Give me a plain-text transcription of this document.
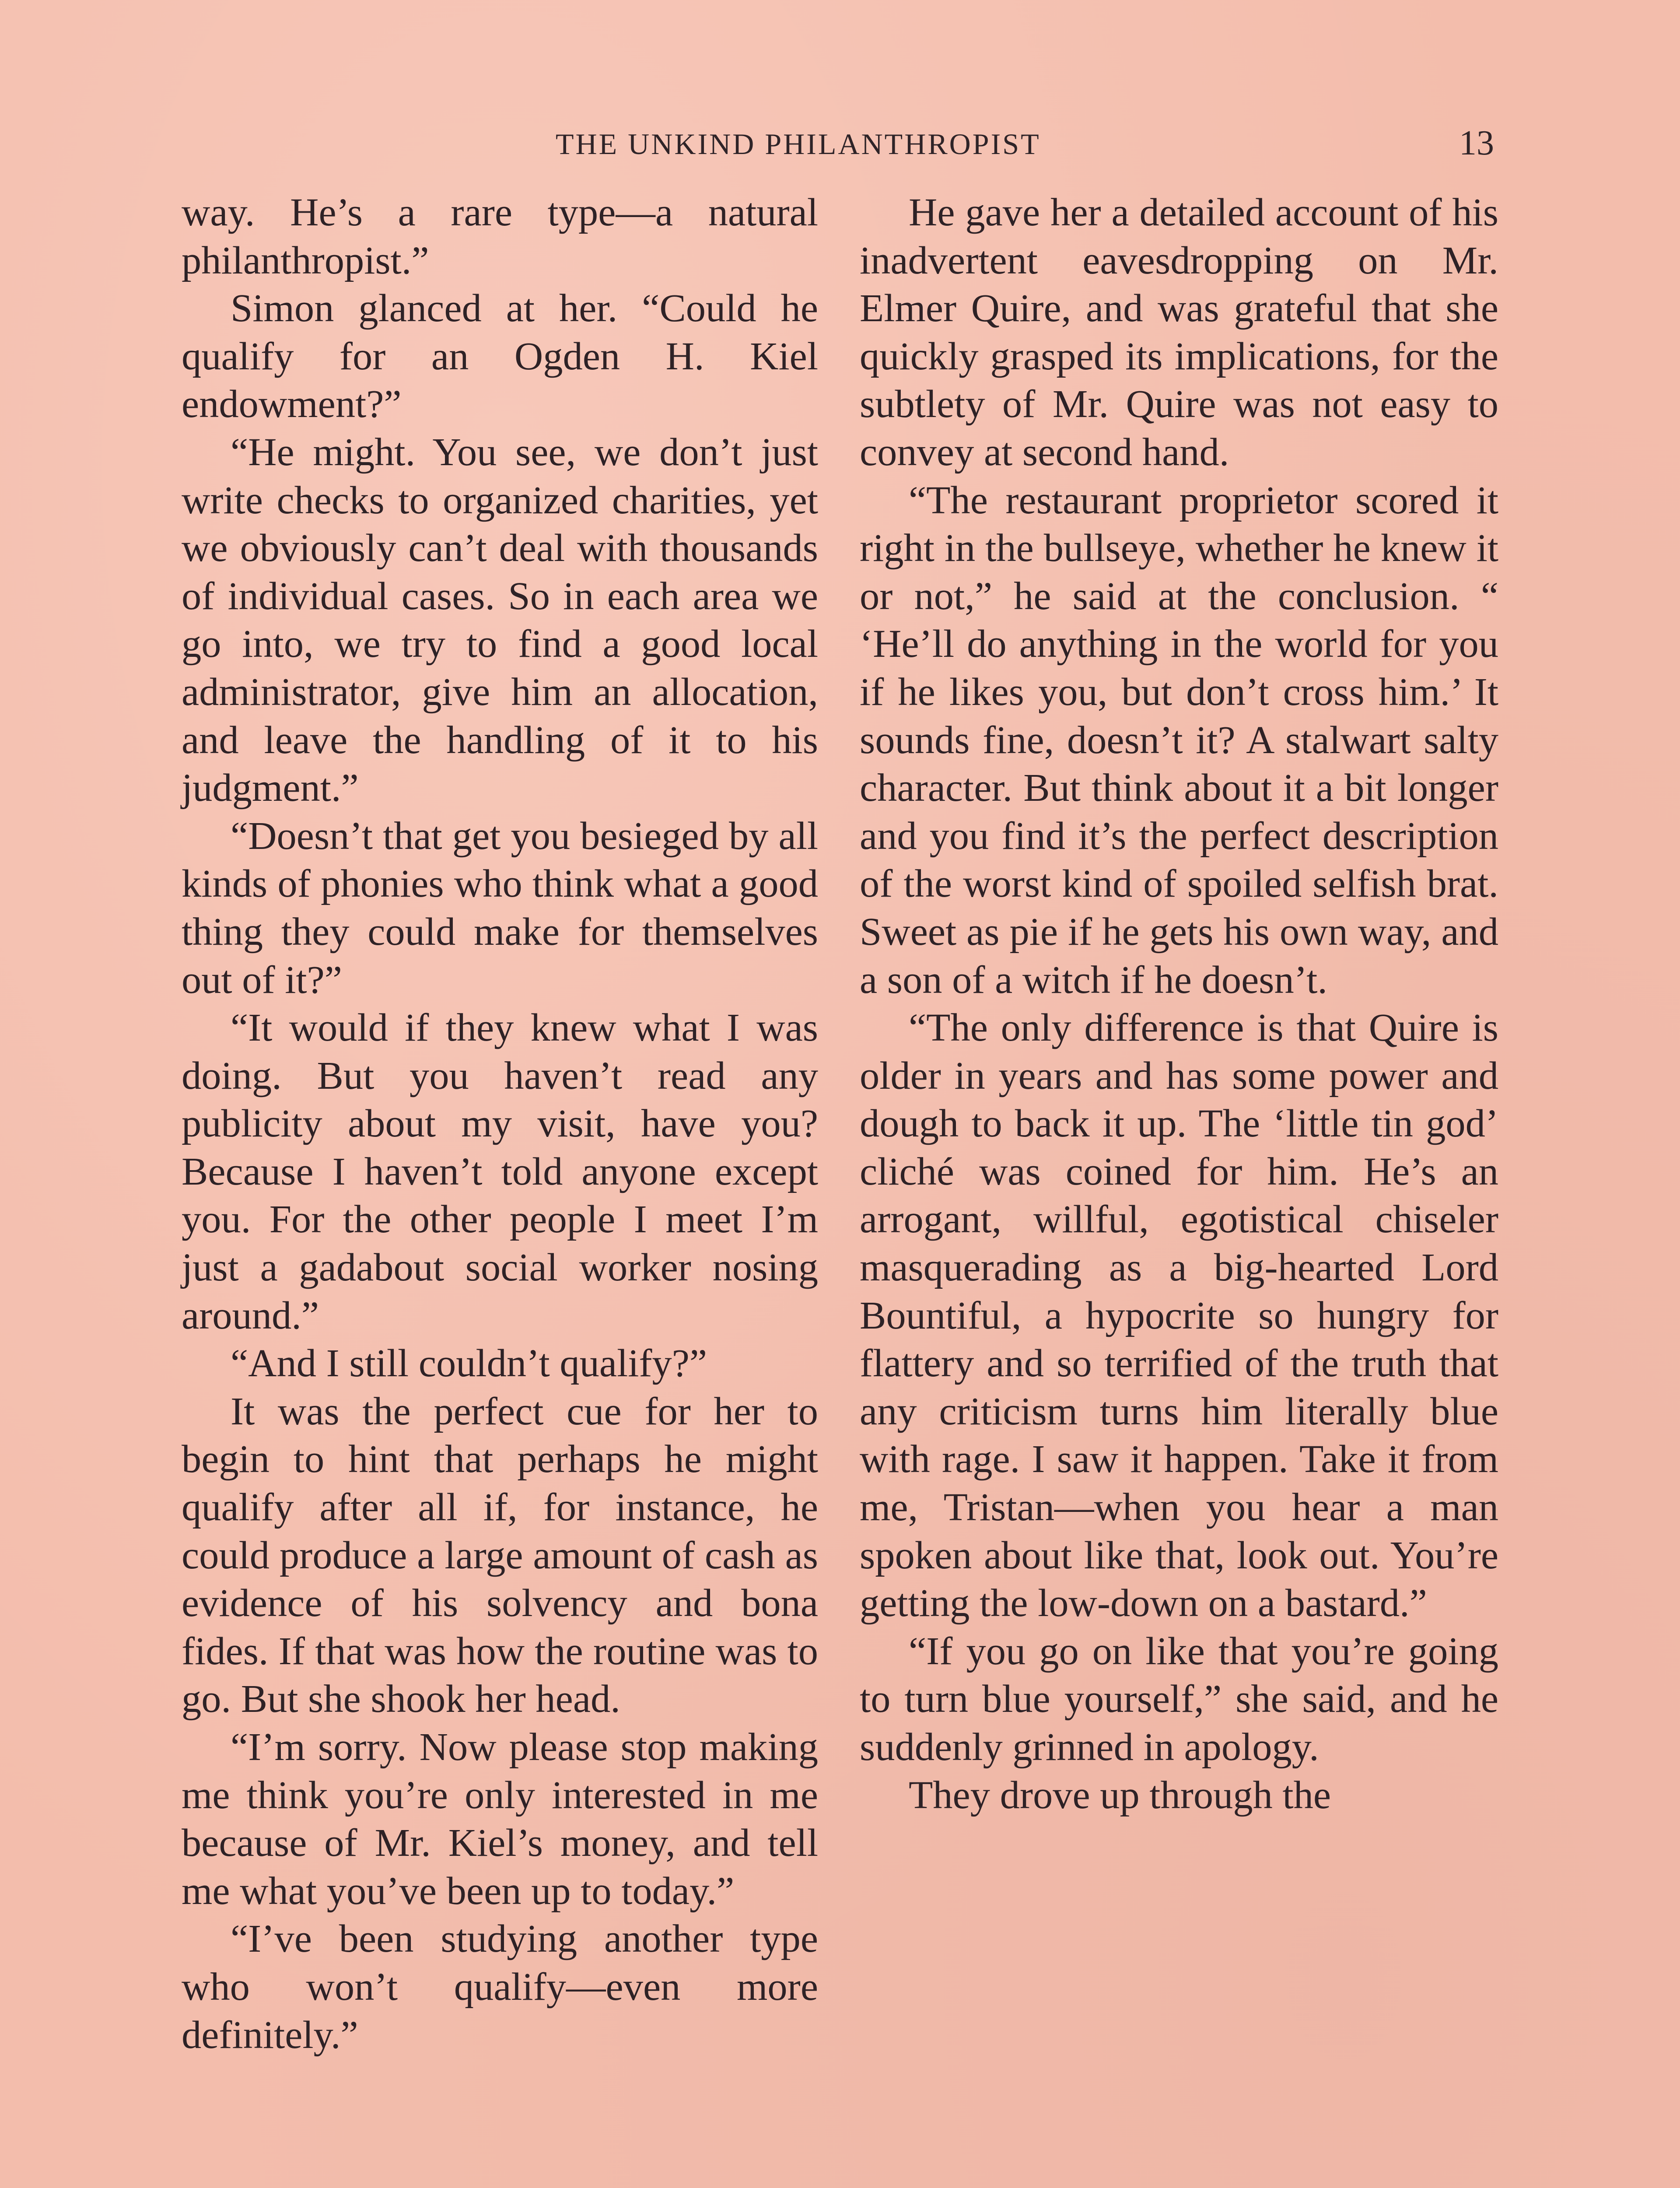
THE UNKIND PHILANTHROPIST	13

way. He’s a rare type—a natural philanthropist.”

Simon glanced at her. “Could he qualify for an Ogden H. Kiel endowment?”

“He might. You see, we don’t just write checks to organized charities, yet we obviously can’t deal with thousands of individual cases. So in each area we go into, we try to find a good local administrator, give him an allocation, and leave the handling of it to his judgment.”

“Doesn’t that get you besieged by all kinds of phonies who think what a good thing they could make for themselves out of it?”

“It would if they knew what I was doing. But you haven’t read any publicity about my visit, have you? Because I haven’t told anyone except you. For the other people I meet I’m just a gadabout social worker nosing around.”

“And I still couldn’t qualify?”

It was the perfect cue for her to begin to hint that perhaps he might qualify after all if, for instance, he could produce a large amount of cash as evidence of his solvency and bona fides. If that was how the routine was to go. But she shook her head.

“I’m sorry. Now please stop making me think you’re only interested in me because of Mr. Kiel’s money, and tell me what you’ve been up to today.”

“I’ve been studying another type who won’t qualify—even more definitely.”

He gave her a detailed account of his inadvertent eavesdropping on Mr. Elmer Quire, and was grateful that she quickly grasped its implications, for the subtlety of Mr. Quire was not easy to convey at second hand.

“The restaurant proprietor scored it right in the bullseye, whether he knew it or not,” he said at the conclusion. “ ‘He’ll do anything in the world for you if he likes you, but don’t cross him.’ It sounds fine, doesn’t it? A stalwart salty character. But think about it a bit longer and you find it’s the perfect description of the worst kind of spoiled selfish brat. Sweet as pie if he gets his own way, and a son of a witch if he doesn’t.

“The only difference is that Quire is older in years and has some power and dough to back it up. The ‘little tin god’ cliché was coined for him. He’s an arrogant, willful, egotistical chiseler masquerading as a big-hearted Lord Bountiful, a hypocrite so hungry for flattery and so terrified of the truth that any criticism turns him literally blue with rage. I saw it happen. Take it from me, Tristan—when you hear a man spoken about like that, look out. You’re getting the low-down on a bastard.”

“If you go on like that you’re going to turn blue yourself,” she said, and he suddenly grinned in apology.

They drove up through the
